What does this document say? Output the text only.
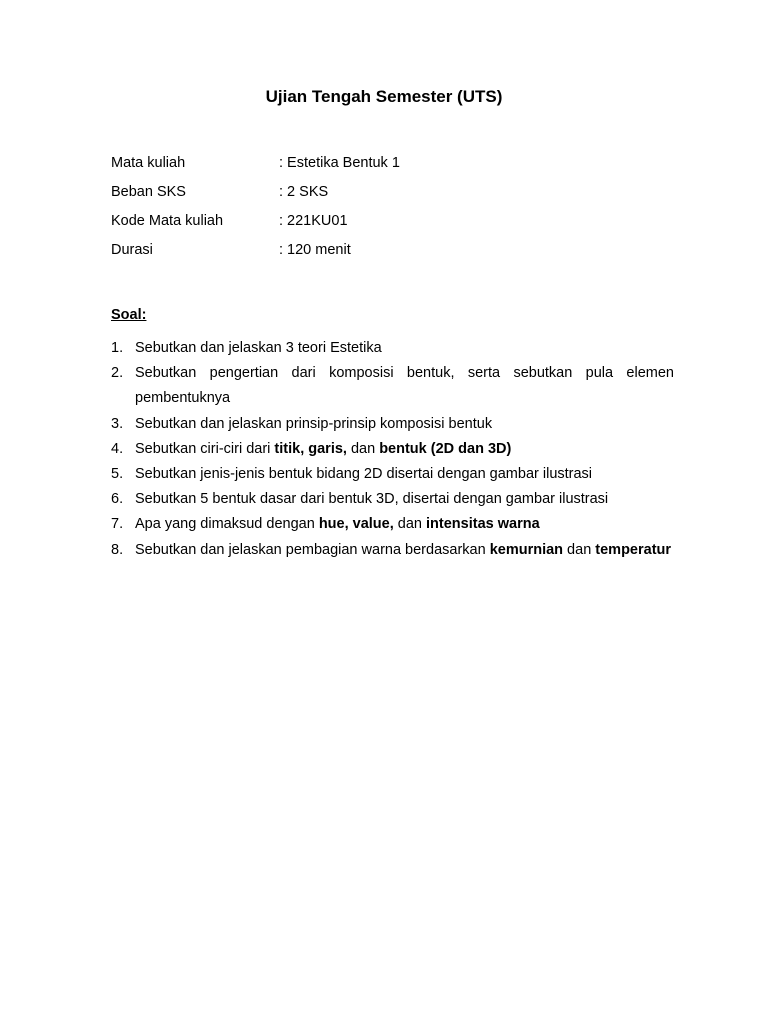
Ujian Tengah Semester (UTS)
Mata kuliah	: Estetika Bentuk 1
Beban SKS	: 2 SKS
Kode Mata kuliah	: 221KU01
Durasi	: 120 menit
Soal:
1. Sebutkan dan jelaskan 3 teori Estetika
2. Sebutkan pengertian dari komposisi bentuk, serta sebutkan pula elemen pembentuknya
3. Sebutkan dan jelaskan prinsip-prinsip komposisi bentuk
4. Sebutkan ciri-ciri dari titik, garis, dan bentuk (2D dan 3D)
5. Sebutkan jenis-jenis bentuk bidang 2D disertai dengan gambar ilustrasi
6. Sebutkan 5 bentuk dasar dari bentuk 3D, disertai dengan gambar ilustrasi
7. Apa yang dimaksud dengan hue, value, dan intensitas warna
8. Sebutkan dan jelaskan pembagian warna berdasarkan kemurnian dan temperatur
